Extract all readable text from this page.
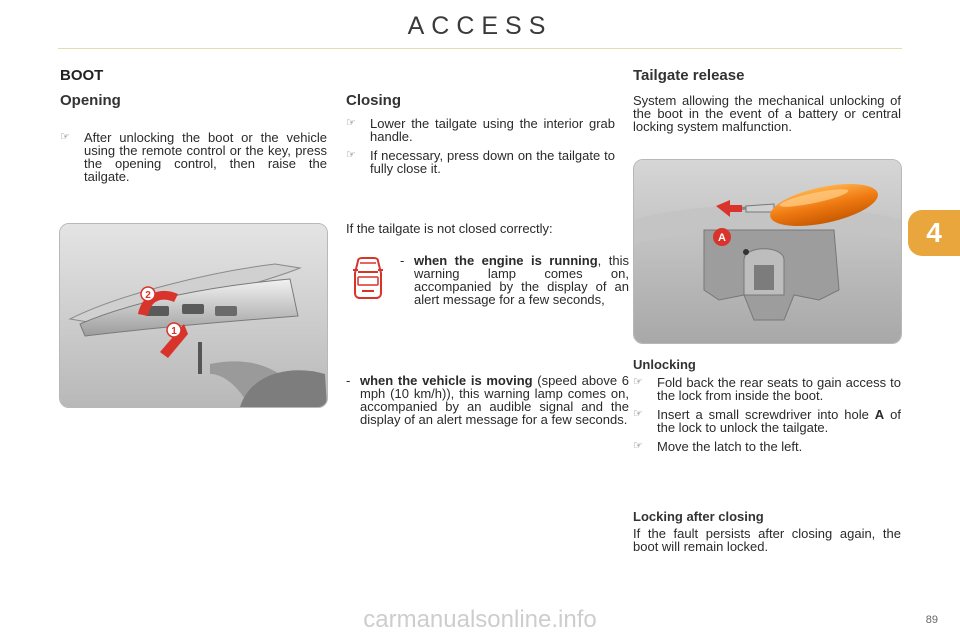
ACCESS
4
BOOT
Opening
☞ After unlocking the boot or the vehicle using the remote control or the key, press the opening control, then raise the tailgate.
1
2
Closing
☞ Lower the tailgate using the interior grab handle.
☞ If necessary, press down on the tailgate to fully close it.
If the tailgate is not closed correctly:
- when the engine is running, this warning lamp comes on, accompanied by the display of an alert message for a few seconds,
- when the vehicle is moving (speed above 6 mph (10 km/h)), this warning lamp comes on, accompanied by an audible signal and the display of an alert message for a few seconds.
Tailgate release
System allowing the mechanical unlocking of the boot in the event of a battery or central locking system malfunction.
A
Unlocking
☞ Fold back the rear seats to gain access to the lock from inside the boot.
☞ Insert a small screwdriver into hole A of the lock to unlock the tailgate.
☞ Move the latch to the left.
Locking after closing
If the fault persists after closing again, the boot will remain locked.
89
carmanualsonline.info
